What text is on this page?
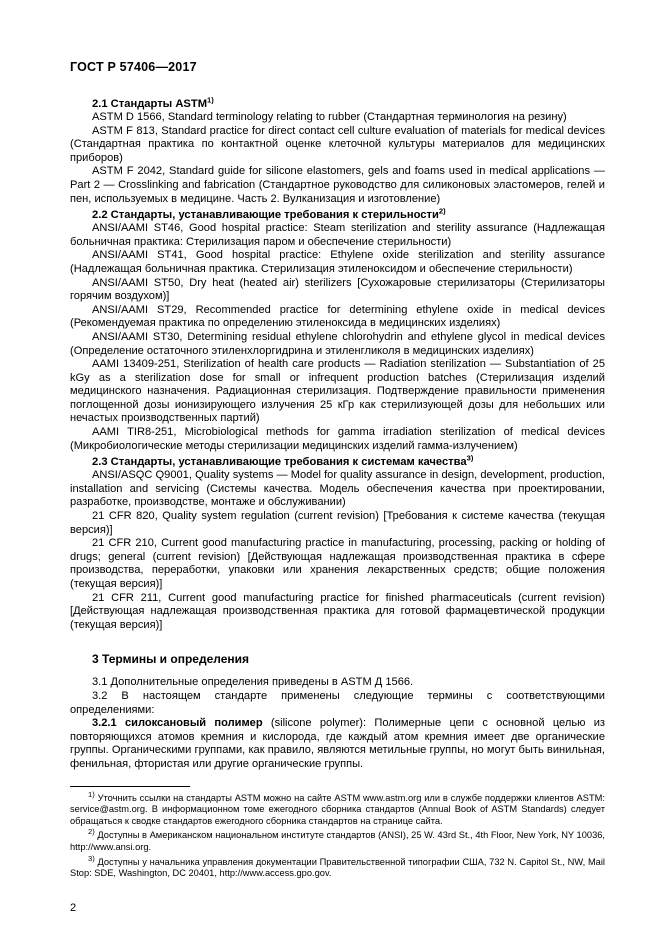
ГОСТ Р 57406—2017
2.1 Стандарты ASTM$^{1)}$

ASTM D 1566, Standard terminology relating to rubber (Стандартная терминология на резину)

ASTM F 813, Standard practice for direct contact cell culture evaluation of materials for medical devices (Стандартная практика по контактной оценке клеточной культуры материалов для медицинских приборов)

ASTM F 2042, Standard guide for silicone elastomers, gels and foams used in medical applications — Part 2 — Crosslinking and fabrication (Стандартное руководство для силиконовых эластомеров, гелей и пен, используемых в медицине. Часть 2. Вулканизация и изготовление)

2.2 Стандарты, устанавливающие требования к стерильности$^{2)}$

ANSI/AAMI ST46, Good hospital practice: Steam sterilization and sterility assurance (Надлежащая больничная практика: Стерилизация паром и обеспечение стерильности)

ANSI/AAMI ST41, Good hospital practice: Ethylene oxide sterilization and sterility assurance (Надлежащая больничная практика. Стерилизация этиленоксидом и обеспечение стерильности)

ANSI/AAMI ST50, Dry heat (heated air) sterilizers [Сухожаровые стерилизаторы (Стерилизаторы горячим воздухом)]

ANSI/AAMI ST29, Recommended practice for determining ethylene oxide in medical devices (Рекомендуемая практика по определению этиленоксида в медицинских изделиях)

ANSI/AAMI ST30, Determining residual ethylene chlorohydrin and ethylene glycol in medical devices (Определение остаточного этиленхлоргидрина и этиленгликоля в медицинских изделиях)

AAMI 13409-251, Sterilization of health care products — Radiation sterilization — Substantiation of 25 kGy as a sterilization dose for small or infrequent production batches (Стерилизация изделий медицинского назначения. Радиационная стерилизация. Подтверждение правильности применения поглощенной дозы ионизирующего излучения 25 кГр как стерилизующей дозы для небольших или нечастых производственных партий)

AAMI TIR8-251, Microbiological methods for gamma irradiation sterilization of medical devices (Микробиологические методы стерилизации медицинских изделий гамма-излучением)

2.3 Стандарты, устанавливающие требования к системам качества$^{3)}$

ANSI/ASQC Q9001, Quality systems — Model for quality assurance in design, development, production, installation and servicing (Системы качества. Модель обеспечения качества при проектировании, разработке, производстве, монтаже и обслуживании)

21 CFR 820, Quality system regulation (current revision) [Требования к системе качества (текущая версия)]

21 CFR 210, Current good manufacturing practice in manufacturing, processing, packing or holding of drugs; general (current revision) [Действующая надлежащая производственная практика в сфере производства, переработки, упаковки или хранения лекарственных средств; общие положения (текущая версия)]

21 CFR 211, Current good manufacturing practice for finished pharmaceuticals (current revision) [Действующая надлежащая производственная практика для готовой фармацевтической продукции (текущая версия)]

3 Термины и определения

3.1 Дополнительные определения приведены в ASTM Д 1566.

3.2 В настоящем стандарте применены следующие термины с соответствующими определениями:

3.2.1 силоксановый полимер (silicone polymer): Полимерные цепи с основной целью из повторяющихся атомов кремния и кислорода, где каждый атом кремния имеет две органические группы. Органическими группами, как правило, являются метильные группы, но могут быть винильная, фенильная, фтористая или другие органические группы.

$^{1)}$ Уточнить ссылки на стандарты ASTM можно на сайте ASTM www.astm.org или в службе поддержки клиентов ASTM: service@astm.org. В информационном томе ежегодного сборника стандартов (Annual Book of ASTM Standards) следует обращаться к сводке стандартов ежегодного сборника стандартов на странице сайта.

$^{2)}$ Доступны в Американском национальном институте стандартов (ANSI), 25 W. 43rd St., 4th Floor, New York, NY 10036, http://www.ansi.org.

$^{3)}$ Доступны у начальника управления документации Правительственной типографии США, 732 N. Capitol St., NW, Mail Stop: SDE, Washington, DC 20401, http://www.access.gpo.gov.

2
